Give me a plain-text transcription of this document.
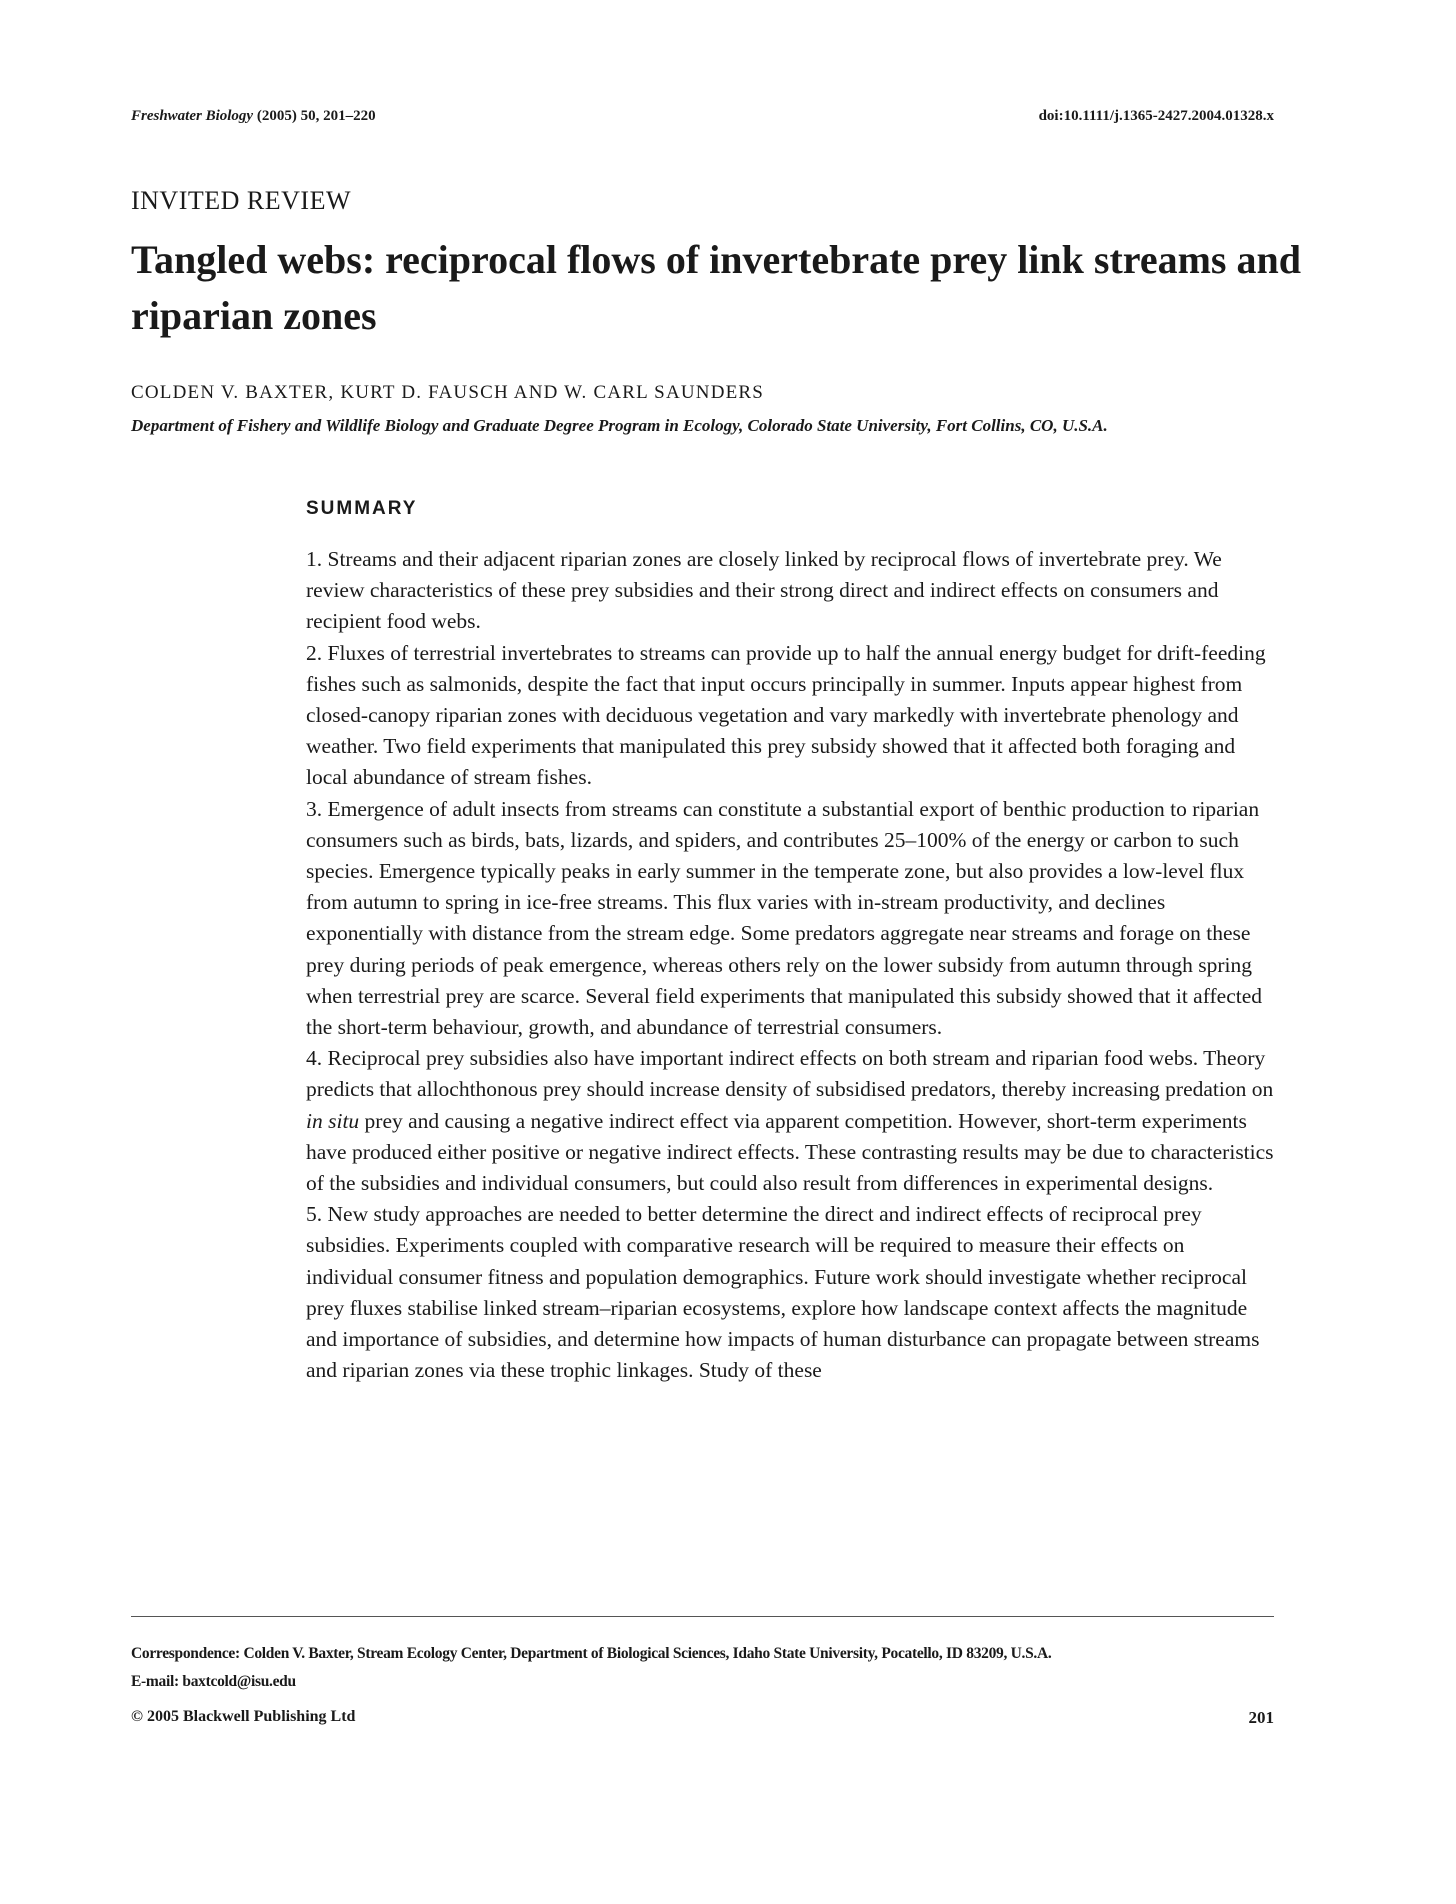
Freshwater Biology (2005) 50, 201–220	doi:10.1111/j.1365-2427.2004.01328.x
INVITED REVIEW
Tangled webs: reciprocal flows of invertebrate prey link streams and riparian zones
COLDEN V. BAXTER, KURT D. FAUSCH AND W. CARL SAUNDERS
Department of Fishery and Wildlife Biology and Graduate Degree Program in Ecology, Colorado State University, Fort Collins, CO, U.S.A.
SUMMARY

1. Streams and their adjacent riparian zones are closely linked by reciprocal flows of invertebrate prey. We review characteristics of these prey subsidies and their strong direct and indirect effects on consumers and recipient food webs.

2. Fluxes of terrestrial invertebrates to streams can provide up to half the annual energy budget for drift-feeding fishes such as salmonids, despite the fact that input occurs principally in summer. Inputs appear highest from closed-canopy riparian zones with deciduous vegetation and vary markedly with invertebrate phenology and weather. Two field experiments that manipulated this prey subsidy showed that it affected both foraging and local abundance of stream fishes.

3. Emergence of adult insects from streams can constitute a substantial export of benthic production to riparian consumers such as birds, bats, lizards, and spiders, and contributes 25–100% of the energy or carbon to such species. Emergence typically peaks in early summer in the temperate zone, but also provides a low-level flux from autumn to spring in ice-free streams. This flux varies with in-stream productivity, and declines exponentially with distance from the stream edge. Some predators aggregate near streams and forage on these prey during periods of peak emergence, whereas others rely on the lower subsidy from autumn through spring when terrestrial prey are scarce. Several field experiments that manipulated this subsidy showed that it affected the short-term behaviour, growth, and abundance of terrestrial consumers.

4. Reciprocal prey subsidies also have important indirect effects on both stream and riparian food webs. Theory predicts that allochthonous prey should increase density of subsidised predators, thereby increasing predation on in situ prey and causing a negative indirect effect via apparent competition. However, short-term experiments have produced either positive or negative indirect effects. These contrasting results may be due to characteristics of the subsidies and individual consumers, but could also result from differences in experimental designs.

5. New study approaches are needed to better determine the direct and indirect effects of reciprocal prey subsidies. Experiments coupled with comparative research will be required to measure their effects on individual consumer fitness and population demographics. Future work should investigate whether reciprocal prey fluxes stabilise linked stream–riparian ecosystems, explore how landscape context affects the magnitude and importance of subsidies, and determine how impacts of human disturbance can propagate between streams and riparian zones via these trophic linkages. Study of these

Correspondence: Colden V. Baxter, Stream Ecology Center, Department of Biological Sciences, Idaho State University, Pocatello, ID 83209, U.S.A.
E-mail: baxtcold@isu.edu
© 2005 Blackwell Publishing Ltd	201
